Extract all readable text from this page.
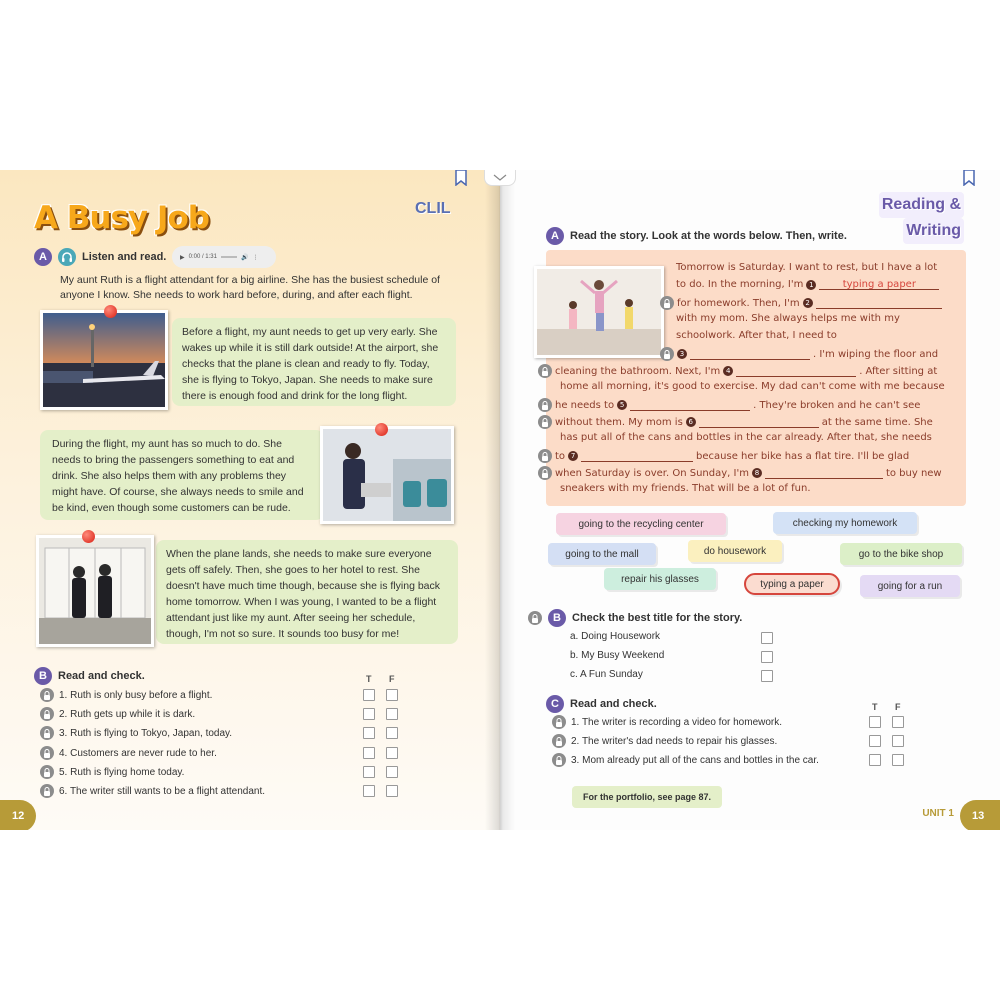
A Busy Job	CLIL
A	Listen and read. ▶ 0:00 / 1:31	🔊 ⋮
My aunt Ruth is a flight attendant for a big airline. She has the busiest schedule of anyone I know. She needs to work hard before, during, and after each flight.
Before a flight, my aunt needs to get up very early. She wakes up while it is still dark outside! At the airport, she checks that the plane is clean and ready to fly. Today, she is flying to Tokyo, Japan. She needs to make sure there is enough food and drink for the long flight.
During the flight, my aunt has so much to do. She needs to bring the passengers something to eat and drink. She also helps them with any problems they might have. Of course, she always needs to smile and be kind, even though some customers can be rude.
When the plane lands, she needs to make sure everyone gets off safely. Then, she goes to her hotel to rest. She doesn't have much time though, because she is flying back home tomorrow. When I was young, I wanted to be a flight attendant just like my aunt. After seeing her schedule, though, I'm not so sure. It sounds too busy for me!
B	Read and check.	T F
1. Ruth is only busy before a flight.
2. Ruth gets up while it is dark.
3. Ruth is flying to Tokyo, Japan, today.
4. Customers are never rude to her.
5. Ruth is flying home today.
6. The writer still wants to be a flight attendant.
12
Reading &
Writing
A	Read the story. Look at the words below. Then, write.
Tomorrow is Saturday. I want to rest, but I have a lot
to do. In the morning, I'm 1	typing a paper
for homework. Then, I'm 2
with my mom. She always helps me with my
schoolwork. After that, I need to
3	. I'm wiping the floor and
cleaning the bathroom. Next, I'm 4	. After sitting at
home all morning, it's good to exercise. My dad can't come with me because
he needs to 5	. They're broken and he can't see
without them. My mom is 6	at the same time. She
has put all of the cans and bottles in the car already. After that, she needs
to 7	because her bike has a flat tire. I'll be glad
when Saturday is over. On Sunday, I'm 8	to buy new
sneakers with my friends. That will be a lot of fun.
going to the recycling center	checking my homework
going to the mall	do housework	go to the bike shop
repair his glasses	typing a paper	going for a run
B	Check the best title for the story.
a. Doing Housework
b. My Busy Weekend
c. A Fun Sunday
C	Read and check.	T F
1. The writer is recording a video for homework.
2. The writer's dad needs to repair his glasses.
3. Mom already put all of the cans and bottles in the car.
For the portfolio, see page 87.
UNIT 1	13
